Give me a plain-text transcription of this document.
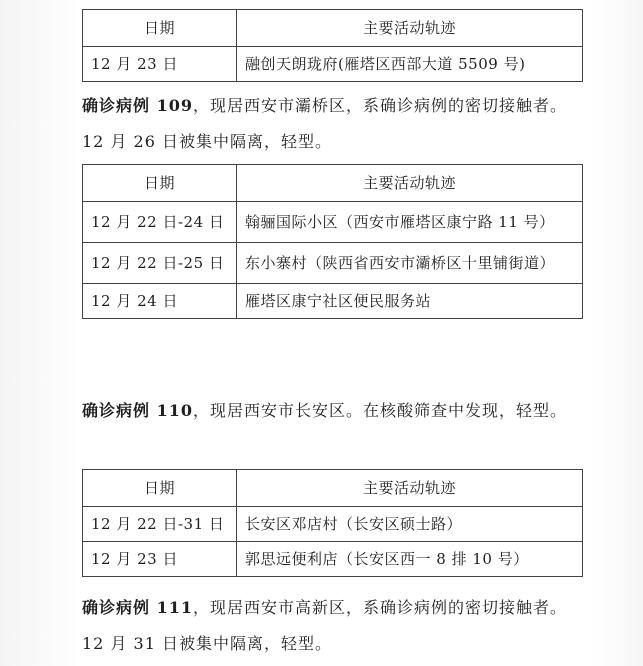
日期	主要活动轨迹
12 月 23 日	融创天朗珑府(雁塔区西部大道 5509 号)

确诊病例 109，现居西安市灞桥区，系确诊病例的密切接触者。12 月 26 日被集中隔离，轻型。

日期	主要活动轨迹
12 月 22 日-24 日	翰骊国际小区（西安市雁塔区康宁路 11 号）
12 月 22 日-25 日	东小寨村（陕西省西安市灞桥区十里铺街道）
12 月 24 日	雁塔区康宁社区便民服务站

确诊病例 110，现居西安市长安区。在核酸筛查中发现，轻型。

日期	主要活动轨迹
12 月 22 日-31 日	长安区邓店村（长安区硕士路）
12 月 23 日	郭思远便利店（长安区西一 8 排 10 号）

确诊病例 111，现居西安市高新区，系确诊病例的密切接触者。12 月 31 日被集中隔离，轻型。
